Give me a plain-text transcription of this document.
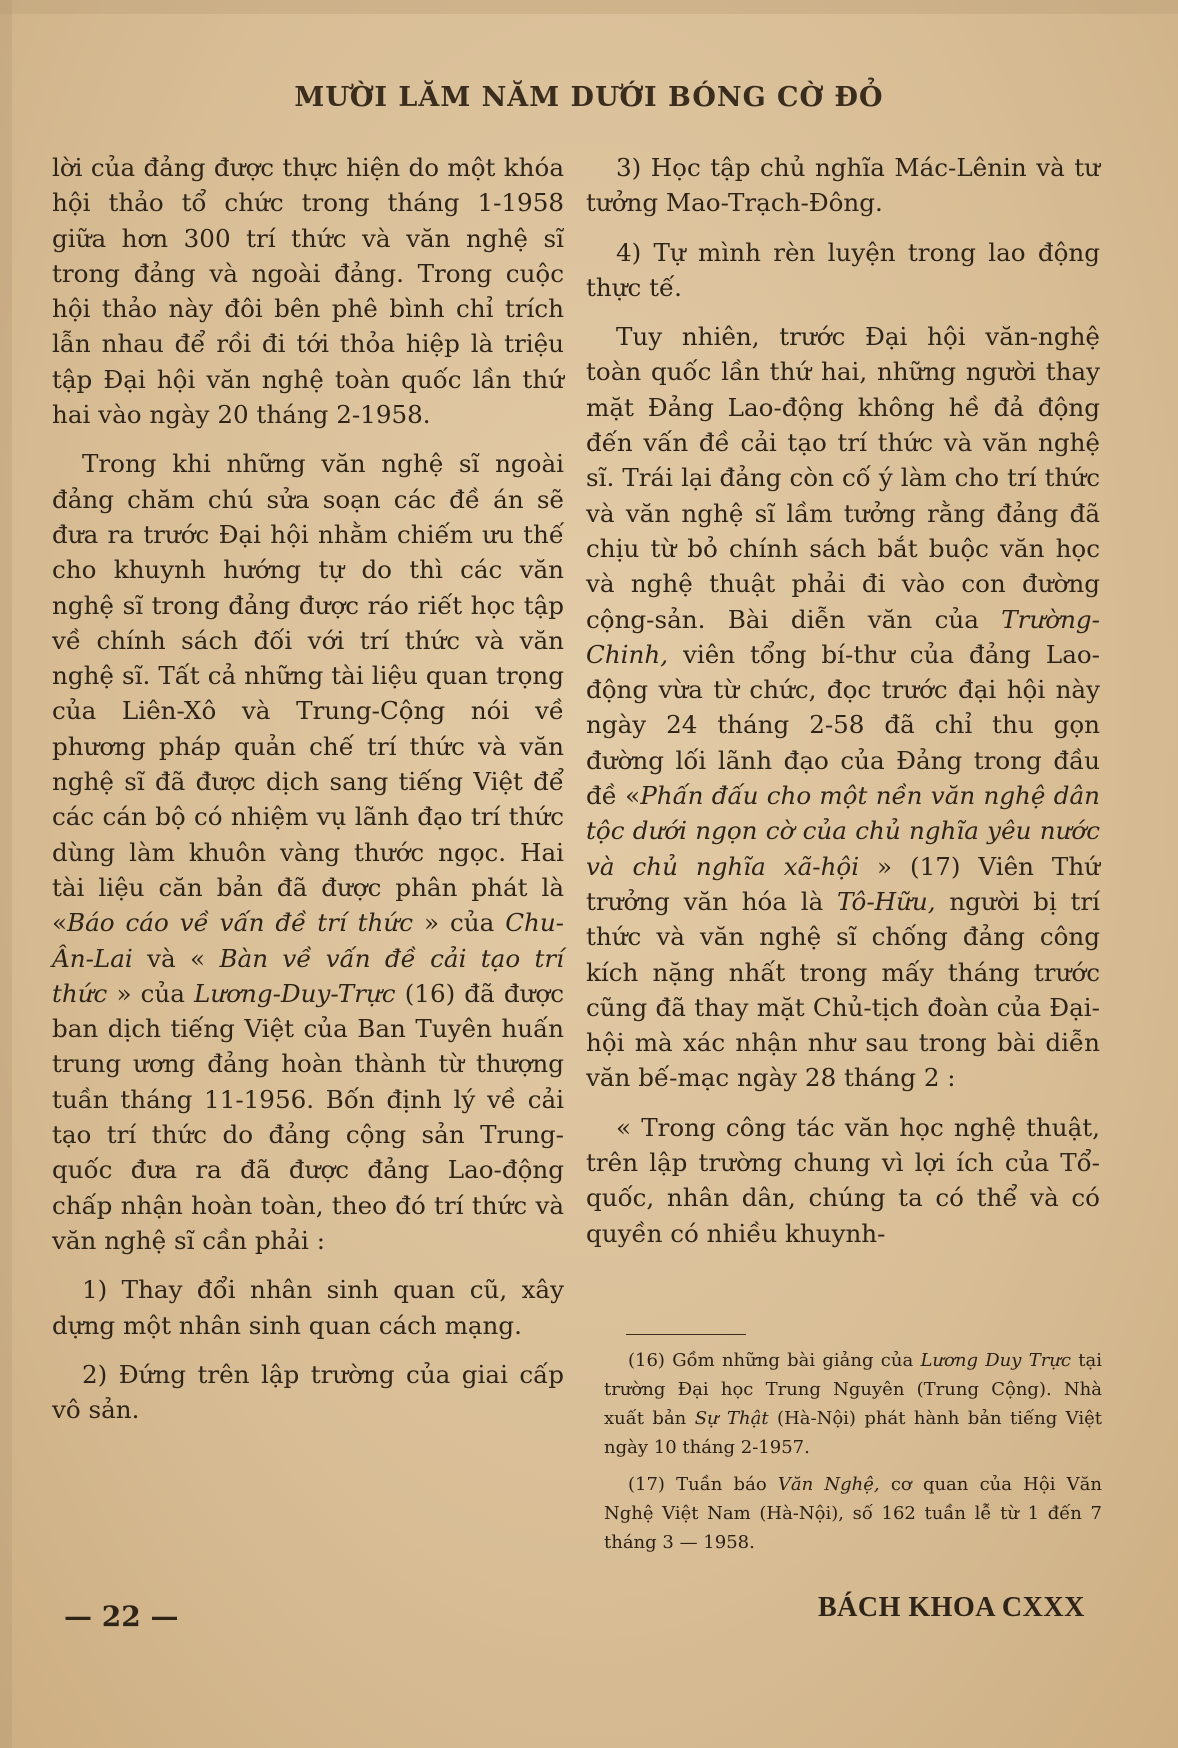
MƯỜI LĂM NĂM DƯỚI BÓNG CỜ ĐỎ

lời của đảng được thực hiện do một khóa hội thảo tổ chức trong tháng 1-1958 giữa hơn 300 trí thức và văn nghệ sĩ trong đảng và ngoài đảng. Trong cuộc hội thảo này đôi bên phê bình chỉ trích lẫn nhau để rồi đi tới thỏa hiệp là triệu tập Đại hội văn nghệ toàn quốc lần thứ hai vào ngày 20 tháng 2-1958.

Trong khi những văn nghệ sĩ ngoài đảng chăm chú sửa soạn các đề án sẽ đưa ra trước Đại hội nhằm chiếm ưu thế cho khuynh hướng tự do thì các văn nghệ sĩ trong đảng được ráo riết học tập về chính sách đối với trí thức và văn nghệ sĩ. Tất cả những tài liệu quan trọng của Liên-Xô và Trung-Cộng nói về phương pháp quản chế trí thức và văn nghệ sĩ đã được dịch sang tiếng Việt để các cán bộ có nhiệm vụ lãnh đạo trí thức dùng làm khuôn vàng thước ngọc. Hai tài liệu căn bản đã được phân phát là «Báo cáo về vấn đề trí thức » của Chu-Ân-Lai và « Bàn về vấn đề cải tạo trí thức » của Lương-Duy-Trực (16) đã được ban dịch tiếng Việt của Ban Tuyên huấn trung ương đảng hoàn thành từ thượng tuần tháng 11-1956. Bốn định lý về cải tạo trí thức do đảng cộng sản Trung-quốc đưa ra đã được đảng Lao-động chấp nhận hoàn toàn, theo đó trí thức và văn nghệ sĩ cần phải :

1) Thay đổi nhân sinh quan cũ, xây dựng một nhân sinh quan cách mạng.

2) Đứng trên lập trường của giai cấp vô sản.

3) Học tập chủ nghĩa Mác-Lênin và tư tưởng Mao-Trạch-Đông.

4) Tự mình rèn luyện trong lao động thực tế.

Tuy nhiên, trước Đại hội văn-nghệ toàn quốc lần thứ hai, những người thay mặt Đảng Lao-động không hề đả động đến vấn đề cải tạo trí thức và văn nghệ sĩ. Trái lại đảng còn cố ý làm cho trí thức và văn nghệ sĩ lầm tưởng rằng đảng đã chịu từ bỏ chính sách bắt buộc văn học và nghệ thuật phải đi vào con đường cộng-sản. Bài diễn văn của Trường-Chinh, viên tổng bí-thư của đảng Lao-động vừa từ chức, đọc trước đại hội này ngày 24 tháng 2-58 đã chỉ thu gọn đường lối lãnh đạo của Đảng trong đầu đề «Phấn đấu cho một nền văn nghệ dân tộc dưới ngọn cờ của chủ nghĩa yêu nước và chủ nghĩa xã-hội » (17) Viên Thứ trưởng văn hóa là Tô-Hữu, người bị trí thức và văn nghệ sĩ chống đảng công kích nặng nhất trong mấy tháng trước cũng đã thay mặt Chủ-tịch đoàn của Đại-hội mà xác nhận như sau trong bài diễn văn bế-mạc ngày 28 tháng 2 :

« Trong công tác văn học nghệ thuật, trên lập trường chung vì lợi ích của Tổ-quốc, nhân dân, chúng ta có thể và có quyền có nhiều khuynh-

(16) Gồm những bài giảng của Lương Duy Trực tại trường Đại học Trung Nguyên (Trung Cộng). Nhà xuất bản Sự Thật (Hà-Nội) phát hành bản tiếng Việt ngày 10 tháng 2-1957.

(17) Tuần báo Văn Nghệ, cơ quan của Hội Văn Nghệ Việt Nam (Hà-Nội), số 162 tuần lễ từ 1 đến 7 tháng 3 — 1958.

— 22 —	BÁCH KHOA CXXX
